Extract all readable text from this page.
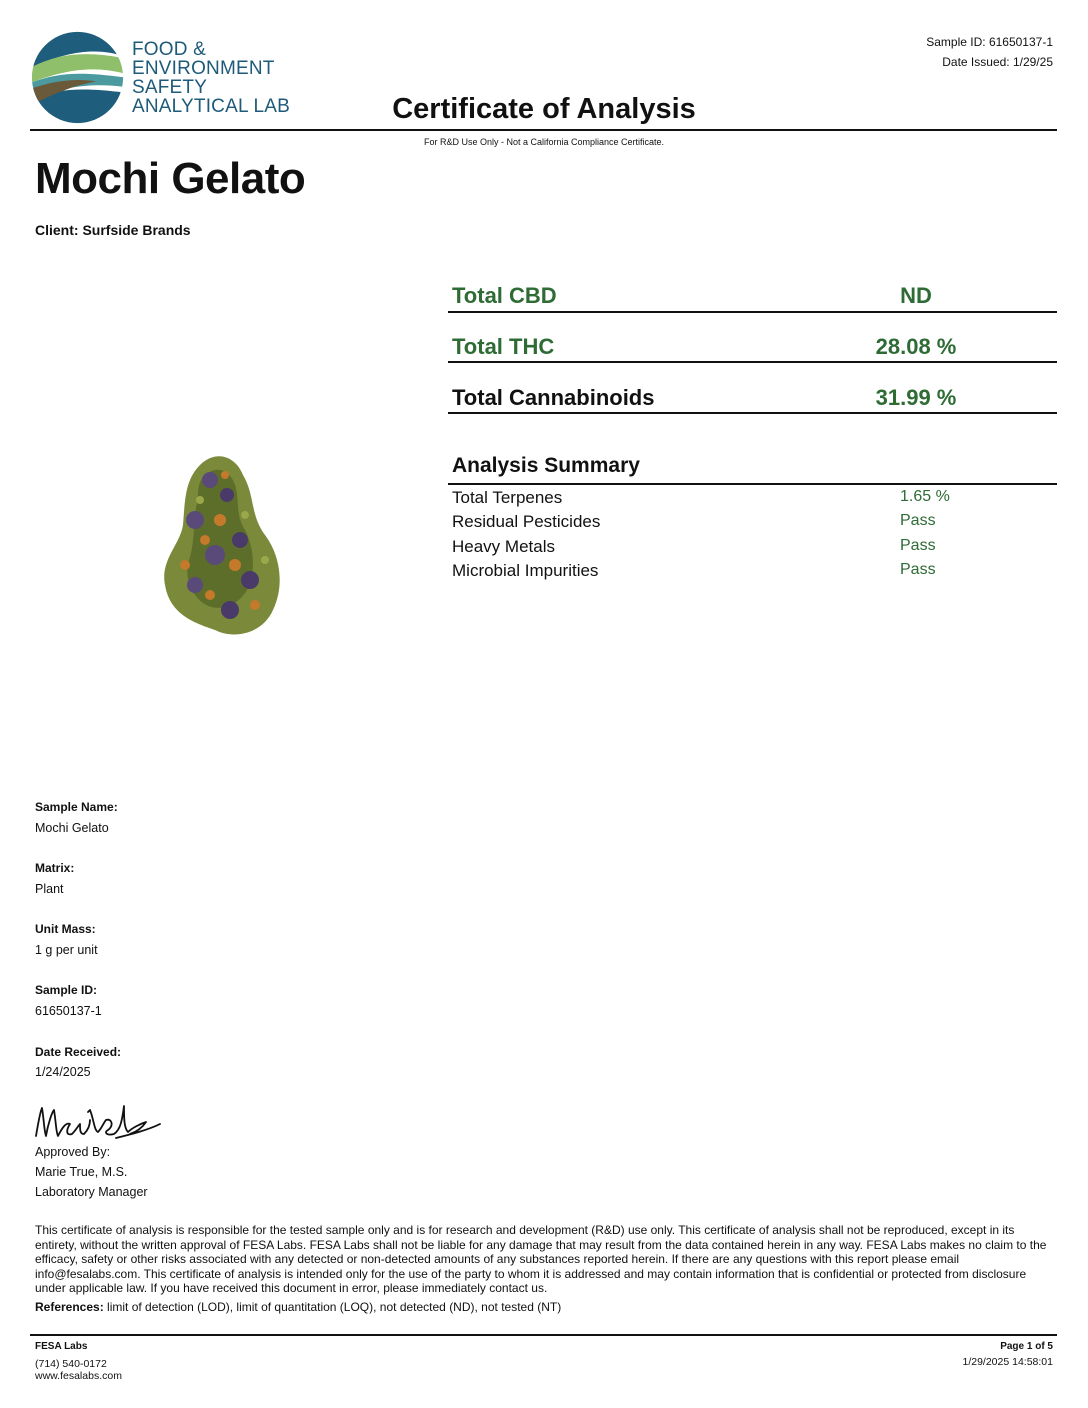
FOOD &
ENVIRONMENT
SAFETY
ANALYTICAL LAB
Sample ID: 61650137-1
Date Issued: 1/29/25
Certificate of Analysis
For R&D Use Only - Not a California Compliance Certificate.
Mochi Gelato
Client: Surfside Brands
Total CBD	ND
Total THC	28.08 %
Total Cannabinoids	31.99 %
Analysis Summary
Total Terpenes	1.65 %
Residual Pesticides	Pass
Heavy Metals	Pass
Microbial Impurities	Pass
Sample Name:
Mochi Gelato
Matrix:
Plant
Unit Mass:
1 g per unit
Sample ID:
61650137-1
Date Received:
1/24/2025
Approved By:
Marie True, M.S.
Laboratory Manager
This certificate of analysis is responsible for the tested sample only and is for research and development (R&D) use only. This certificate of analysis shall not be reproduced, except in its entirety, without the written approval of FESA Labs. FESA Labs shall not be liable for any damage that may result from the data contained herein in any way. FESA Labs makes no claim to the efficacy, safety or other risks associated with any detected or non-detected amounts of any substances reported herein. If there are any questions with this report please email info@fesalabs.com. This certificate of analysis is intended only for the use of the party to whom it is addressed and may contain information that is confidential or protected from disclosure under applicable law. If you have received this document in error, please immediately contact us.
References: limit of detection (LOD), limit of quantitation (LOQ), not detected (ND), not tested (NT)
FESA Labs
(714) 540-0172
www.fesalabs.com
Page 1 of 5
1/29/2025 14:58:01
